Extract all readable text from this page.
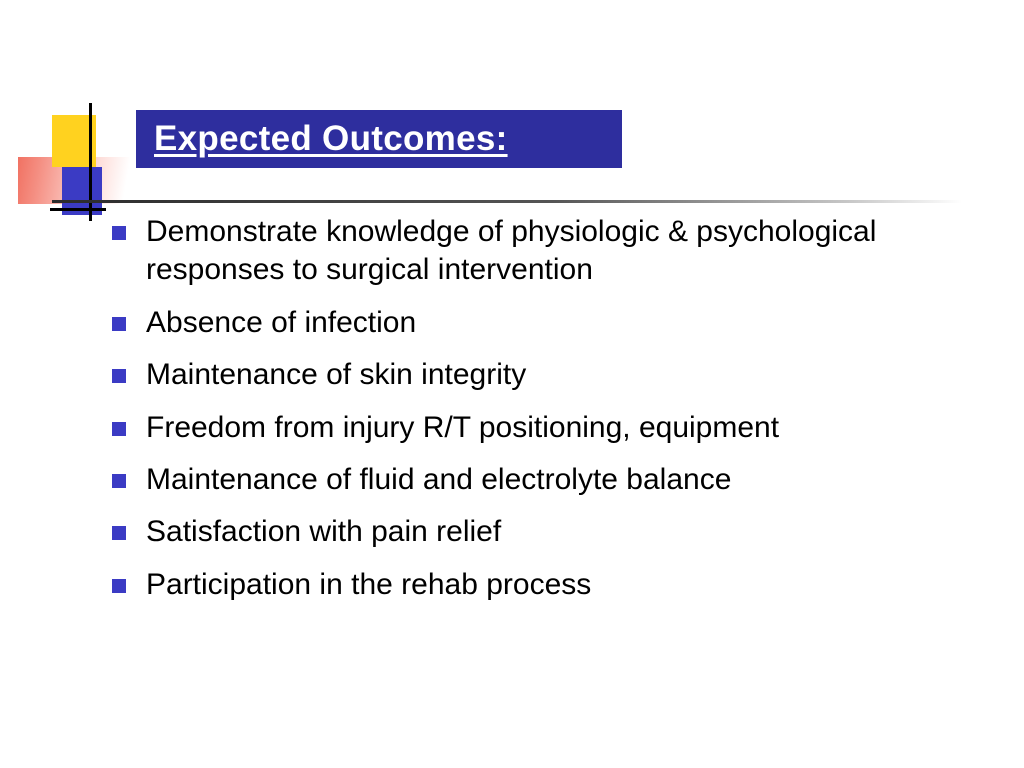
Expected Outcomes:
Demonstrate knowledge of physiologic & psychological responses to surgical intervention
Absence of infection
Maintenance of skin integrity
Freedom from injury R/T positioning, equipment
Maintenance of fluid and electrolyte balance
Satisfaction with pain relief
Participation in the rehab process
